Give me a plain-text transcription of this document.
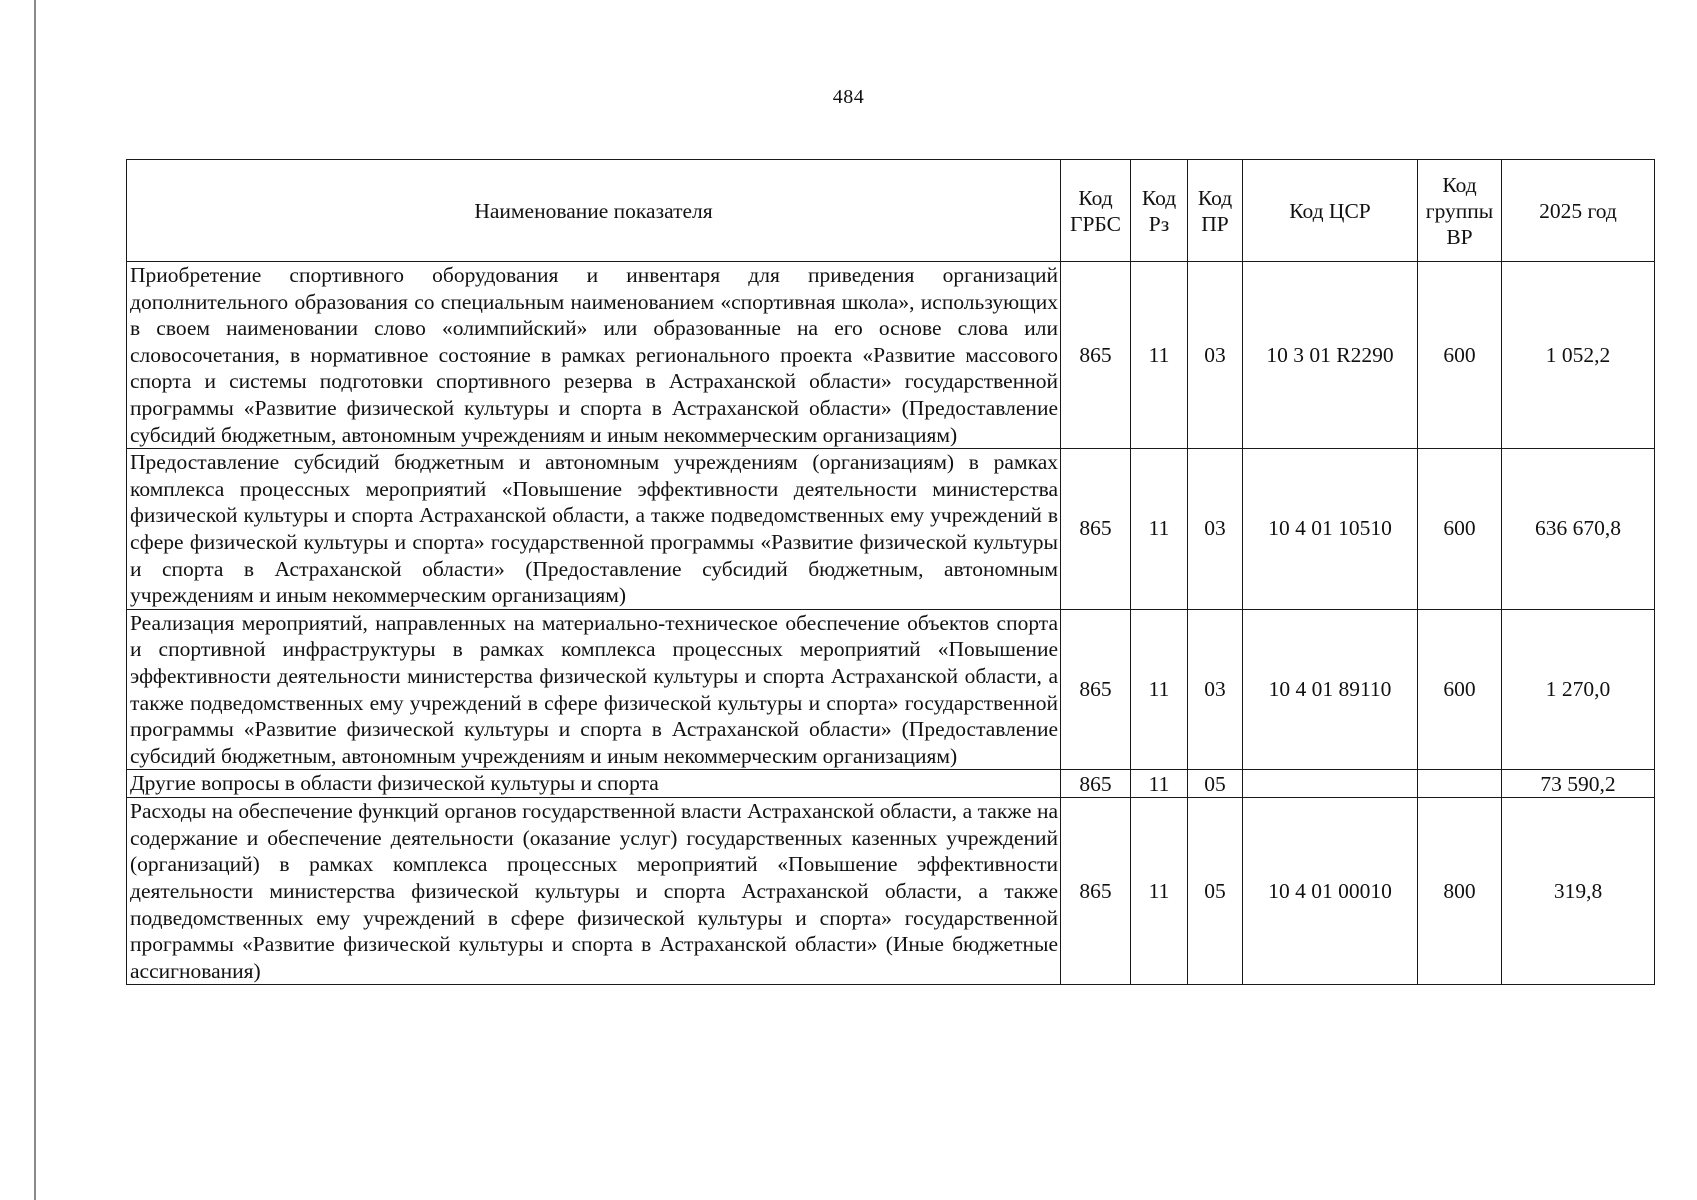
484
Наименование показателя	Код ГРБС	Код Рз	Код ПР	Код ЦСР	Код группы ВР	2025 год
Приобретение спортивного оборудования и инвентаря для приведения организаций дополнительного образования со специальным наименованием «спортивная школа», использующих в своем наименовании слово «олимпийский» или образованные на его основе слова или словосочетания, в нормативное состояние в рамках регионального проекта «Развитие массового спорта и системы подготовки спортивного резерва в Астраханской области» государственной программы «Развитие физической культуры и спорта в Астраханской области» (Предоставление субсидий бюджетным, автономным учреждениям и иным некоммерческим организациям)	865	11	03	10 3 01 R2290	600	1 052,2
Предоставление субсидий бюджетным и автономным учреждениям (организациям) в рамках комплекса процессных мероприятий «Повышение эффективности деятельности министерства физической культуры и спорта Астраханской области, а также подведомственных ему учреждений в сфере физической культуры и спорта» государственной программы «Развитие физической культуры и спорта в Астраханской области» (Предоставление субсидий бюджетным, автономным учреждениям и иным некоммерческим организациям)	865	11	03	10 4 01 10510	600	636 670,8
Реализация мероприятий, направленных на материально-техническое обеспечение объектов спорта и спортивной инфраструктуры в рамках комплекса процессных мероприятий «Повышение эффективности деятельности министерства физической культуры и спорта Астраханской области, а также подведомственных ему учреждений в сфере физической культуры и спорта» государственной программы «Развитие физической культуры и спорта в Астраханской области» (Предоставление субсидий бюджетным, автономным учреждениям и иным некоммерческим организациям)	865	11	03	10 4 01 89110	600	1 270,0
Другие вопросы в области физической культуры и спорта	865	11	05			73 590,2
Расходы на обеспечение функций органов государственной власти Астраханской области, а также на содержание и обеспечение деятельности (оказание услуг) государственных казенных учреждений (организаций) в рамках комплекса процессных мероприятий «Повышение эффективности деятельности министерства физической культуры и спорта Астраханской области, а также подведомственных ему учреждений в сфере физической культуры и спорта» государственной программы «Развитие физической культуры и спорта в Астраханской области» (Иные бюджетные ассигнования)	865	11	05	10 4 01 00010	800	319,8
